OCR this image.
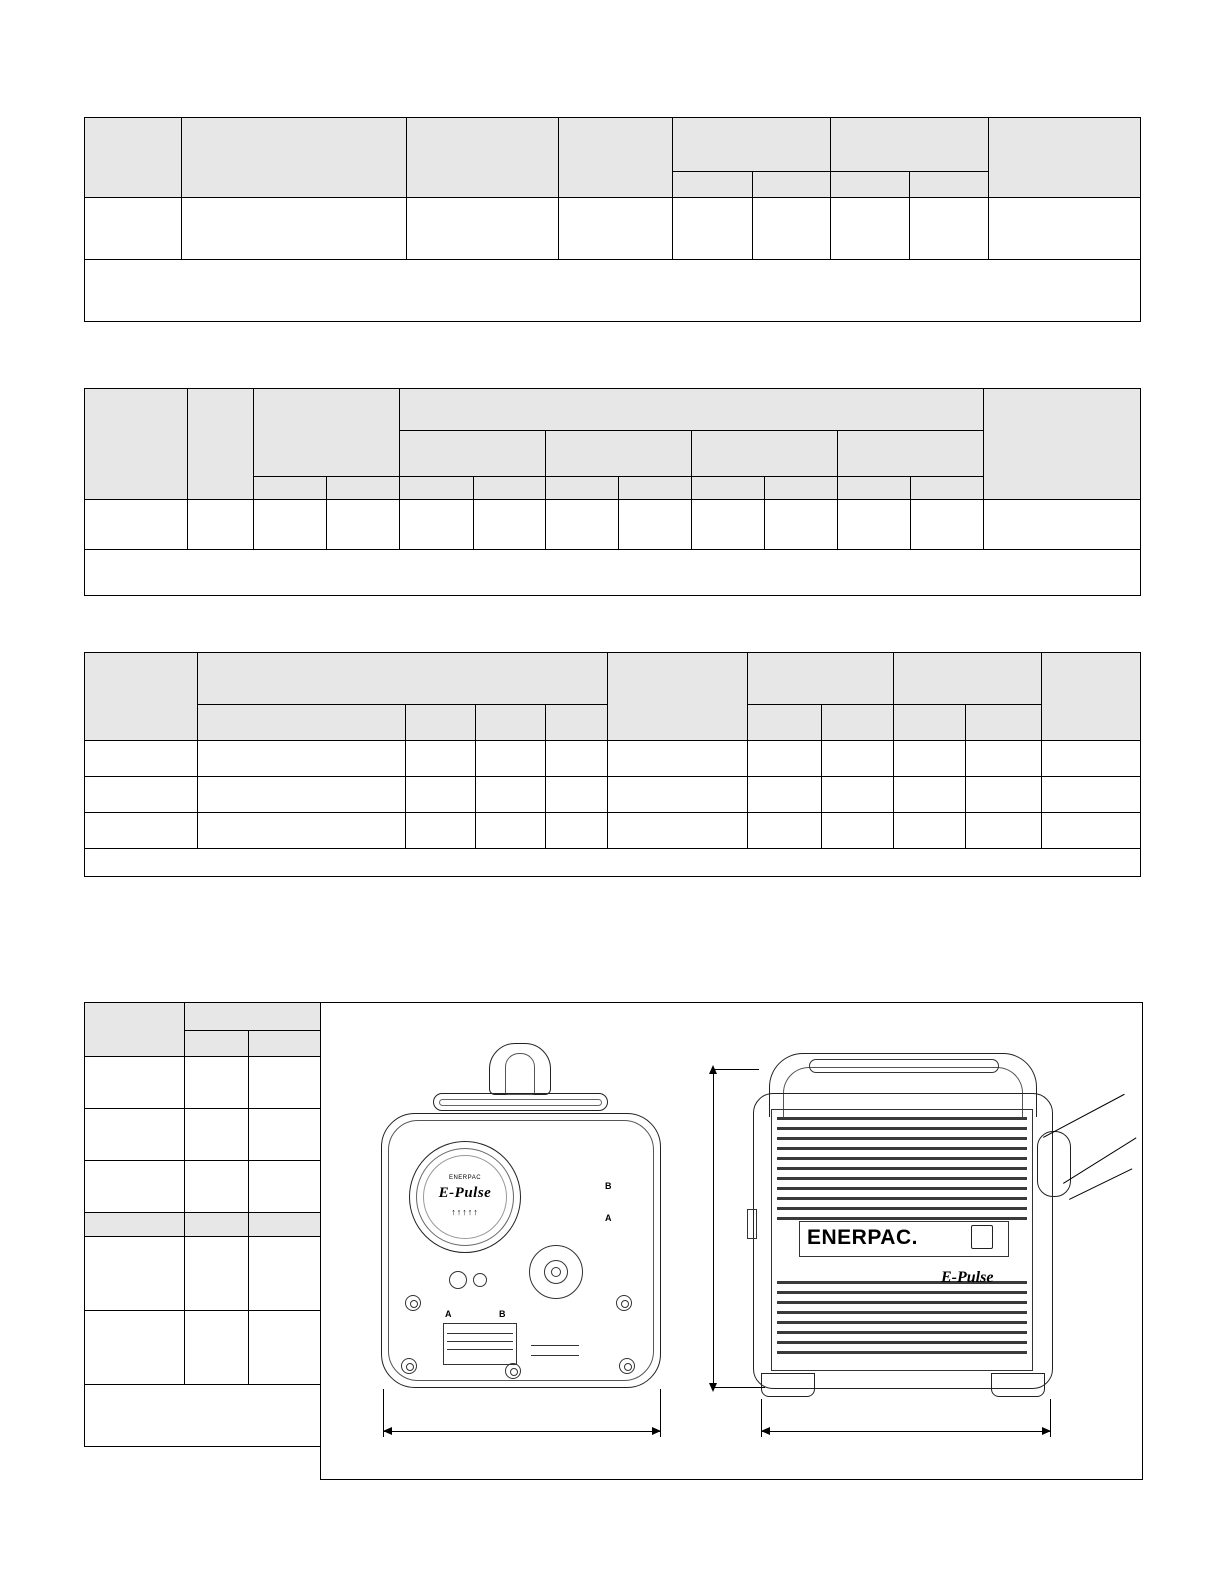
ENERPAC
E-Pulse
↑↑↑↑↑
A	B
A
B
ENERPAC.
E-Pulse
